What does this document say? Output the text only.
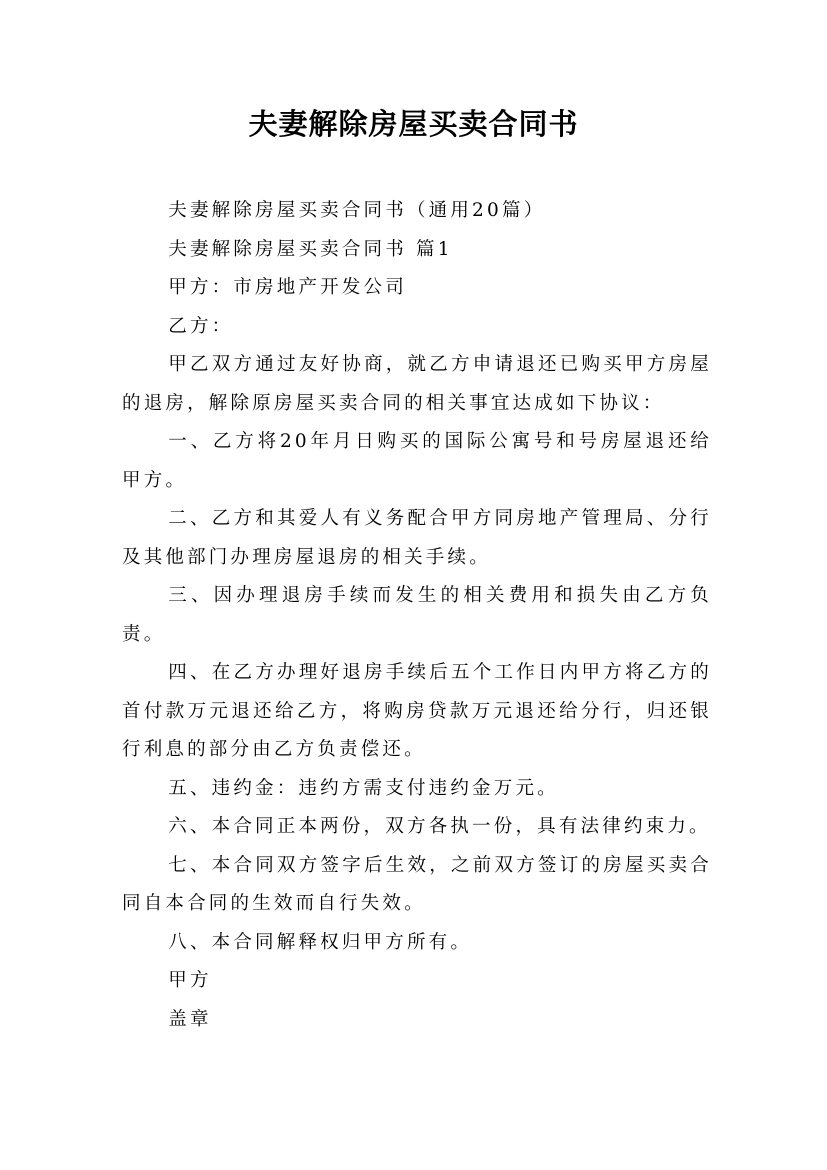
夫妻解除房屋买卖合同书

夫妻解除房屋买卖合同书（通用20篇）

夫妻解除房屋买卖合同书 篇1

甲方：市房地产开发公司

乙方：

甲乙双方通过友好协商，就乙方申请退还已购买甲方房屋的退房，解除原房屋买卖合同的相关事宜达成如下协议：

一、乙方将20年月日购买的国际公寓号和号房屋退还给甲方。

二、乙方和其爱人有义务配合甲方同房地产管理局、分行及其他部门办理房屋退房的相关手续。

三、因办理退房手续而发生的相关费用和损失由乙方负责。

四、在乙方办理好退房手续后五个工作日内甲方将乙方的首付款万元退还给乙方，将购房贷款万元退还给分行，归还银行利息的部分由乙方负责偿还。

五、违约金：违约方需支付违约金万元。

六、本合同正本两份，双方各执一份，具有法律约束力。

七、本合同双方签字后生效，之前双方签订的房屋买卖合同自本合同的生效而自行失效。

八、本合同解释权归甲方所有。

甲方

盖章
